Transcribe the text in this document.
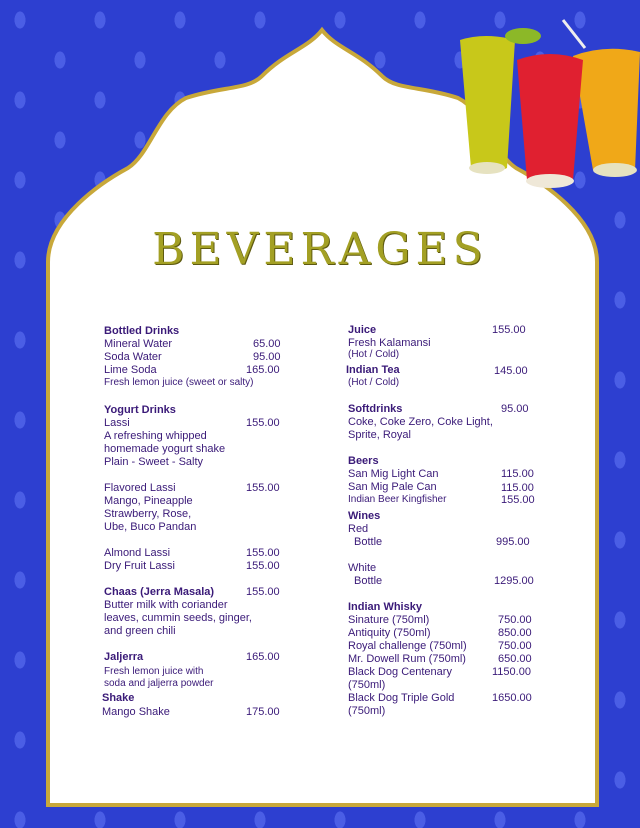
BEVERAGES
Bottled Drinks
Mineral Water	65.00
Soda Water	95.00
Lime Soda	165.00
Fresh lemon juice (sweet or salty)
Yogurt Drinks
Lassi	155.00
A refreshing whipped
homemade yogurt shake
Plain - Sweet - Salty
Flavored Lassi	155.00
Mango, Pineapple
Strawberry, Rose,
Ube, Buco Pandan
Almond Lassi	155.00
Dry Fruit Lassi	155.00
Chaas (Jerra Masala)	155.00
Butter milk with coriander
leaves, cummin seeds, ginger,
and green chili
Jaljerra	165.00
Fresh lemon juice with
soda and jaljerra powder
Shake
Mango Shake	175.00
Juice	155.00
Fresh Kalamansi
(Hot / Cold)
Indian Tea	145.00
(Hot / Cold)
Softdrinks	95.00
Coke, Coke Zero, Coke Light,
Sprite, Royal
Beers
San Mig Light Can	115.00
San Mig Pale Can	115.00
Indian Beer Kingfisher	155.00
Wines
Red
Bottle	995.00
White
Bottle	1295.00
Indian Whisky
Sinature (750ml)	750.00
Antiquity (750ml)	850.00
Royal challenge (750ml)	750.00
Mr. Dowell Rum (750ml)	650.00
Black Dog Centenary	1150.00
(750ml)
Black Dog Triple Gold	1650.00
(750ml)
